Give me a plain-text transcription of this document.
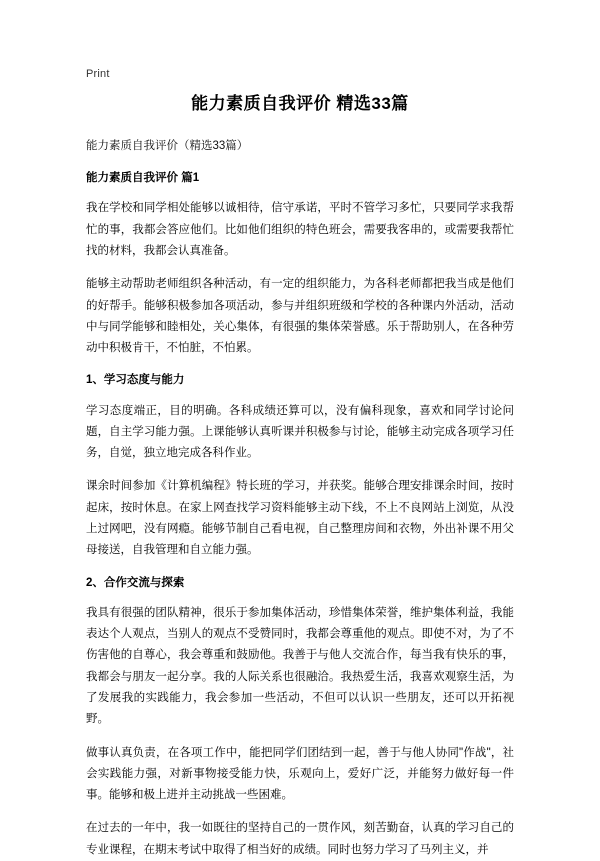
Print
能力素质自我评价 精选33篇
能力素质自我评价（精选33篇）
能力素质自我评价 篇1

我在学校和同学相处能够以诚相待，信守承诺，平时不管学习多忙，只要同学求我帮忙的事，我都会答应他们。比如他们组织的特色班会，需要我客串的，或需要我帮忙找的材料，我都会认真准备。

能够主动帮助老师组织各种活动，有一定的组织能力，为各科老师都把我当成是他们的好帮手。能够积极参加各项活动，参与并组织班级和学校的各种课内外活动，活动中与同学能够和睦相处，关心集体，有很强的集体荣誉感。乐于帮助别人，在各种劳动中积极肯干，不怕脏，不怕累。

1、学习态度与能力

学习态度端正，目的明确。各科成绩还算可以，没有偏科现象，喜欢和同学讨论问题，自主学习能力强。上课能够认真听课并积极参与讨论，能够主动完成各项学习任务，自觉，独立地完成各科作业。

课余时间参加《计算机编程》特长班的学习，并获奖。能够合理安排课余时间，按时起床，按时休息。在家上网查找学习资料能够主动下线，不上不良网站上浏览，从没上过网吧，没有网瘾。能够节制自己看电视，自己整理房间和衣物，外出补课不用父母接送，自我管理和自立能力强。

2、合作交流与探索

我具有很强的团队精神，很乐于参加集体活动，珍惜集体荣誉，维护集体利益，我能表达个人观点，当别人的观点不受赞同时，我都会尊重他的观点。即使不对，为了不伤害他的自尊心，我会尊重和鼓励他。我善于与他人交流合作，每当我有快乐的事，我都会与朋友一起分享。我的人际关系也很融洽。我热爱生活，我喜欢观察生活，为了发展我的实践能力，我会参加一些活动，不但可以认识一些朋友，还可以开拓视野。

做事认真负责，在各项工作中，能把同学们团结到一起，善于与他人协同"作战"，社会实践能力强，对新事物接受能力快，乐观向上，爱好广泛，并能努力做好每一件事。能够和极上进并主动挑战一些困难。

在过去的一年中，我一如既往的坚持自己的一贯作风，刻苦勤奋，认真的学习自己的专业课程，在期末考试中取得了相当好的成绩。同时也努力学习了马列主义，并
